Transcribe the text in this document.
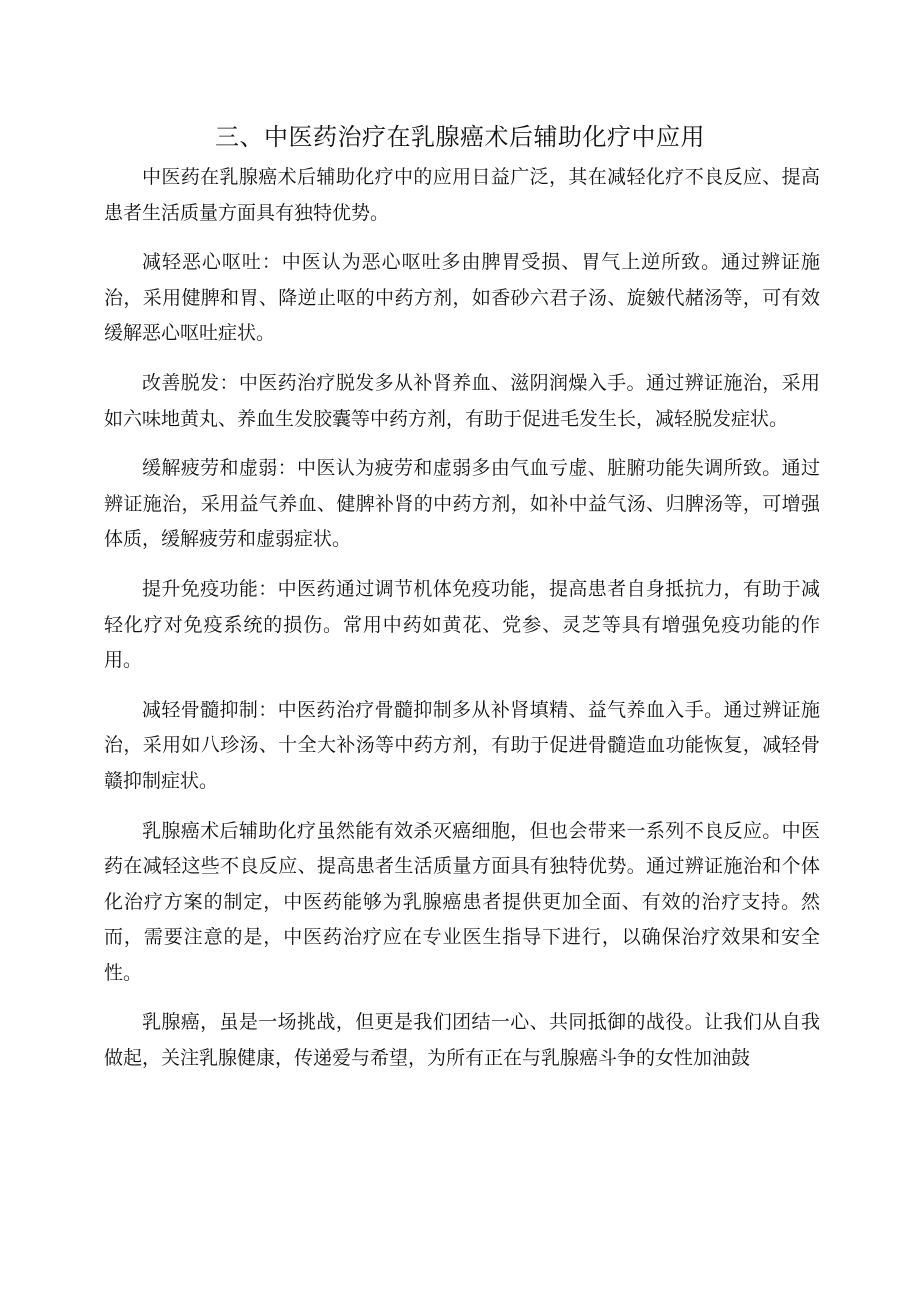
三、中医药治疗在乳腺癌术后辅助化疗中应用

中医药在乳腺癌术后辅助化疗中的应用日益广泛，其在减轻化疗不良反应、提高患者生活质量方面具有独特优势。

减轻恶心呕吐：中医认为恶心呕吐多由脾胃受损、胃气上逆所致。通过辨证施治，采用健脾和胃、降逆止呕的中药方剂，如香砂六君子汤、旋皴代赭汤等，可有效缓解恶心呕吐症状。

改善脱发：中医药治疗脱发多从补肾养血、滋阴润燥入手。通过辨证施治，采用如六味地黄丸、养血生发胶囊等中药方剂，有助于促进毛发生长，减轻脱发症状。

缓解疲劳和虚弱：中医认为疲劳和虚弱多由气血亏虚、脏腑功能失调所致。通过辨证施治，采用益气养血、健脾补肾的中药方剂，如补中益气汤、归脾汤等，可增强体质，缓解疲劳和虚弱症状。

提升免疫功能：中医药通过调节机体免疫功能，提高患者自身抵抗力，有助于减轻化疗对免疫系统的损伤。常用中药如黄花、党参、灵芝等具有增强免疫功能的作用。

减轻骨髓抑制：中医药治疗骨髓抑制多从补肾填精、益气养血入手。通过辨证施治，采用如八珍汤、十全大补汤等中药方剂，有助于促进骨髓造血功能恢复，减轻骨赣抑制症状。

乳腺癌术后辅助化疗虽然能有效杀灭癌细胞，但也会带来一系列不良反应。中医药在减轻这些不良反应、提高患者生活质量方面具有独特优势。通过辨证施治和个体化治疗方案的制定，中医药能够为乳腺癌患者提供更加全面、有效的治疗支持。然而，需要注意的是，中医药治疗应在专业医生指导下进行，以确保治疗效果和安全性。

乳腺癌，虽是一场挑战，但更是我们团结一心、共同抵御的战役。让我们从自我做起，关注乳腺健康，传递爱与希望，为所有正在与乳腺癌斗争的女性加油鼓
